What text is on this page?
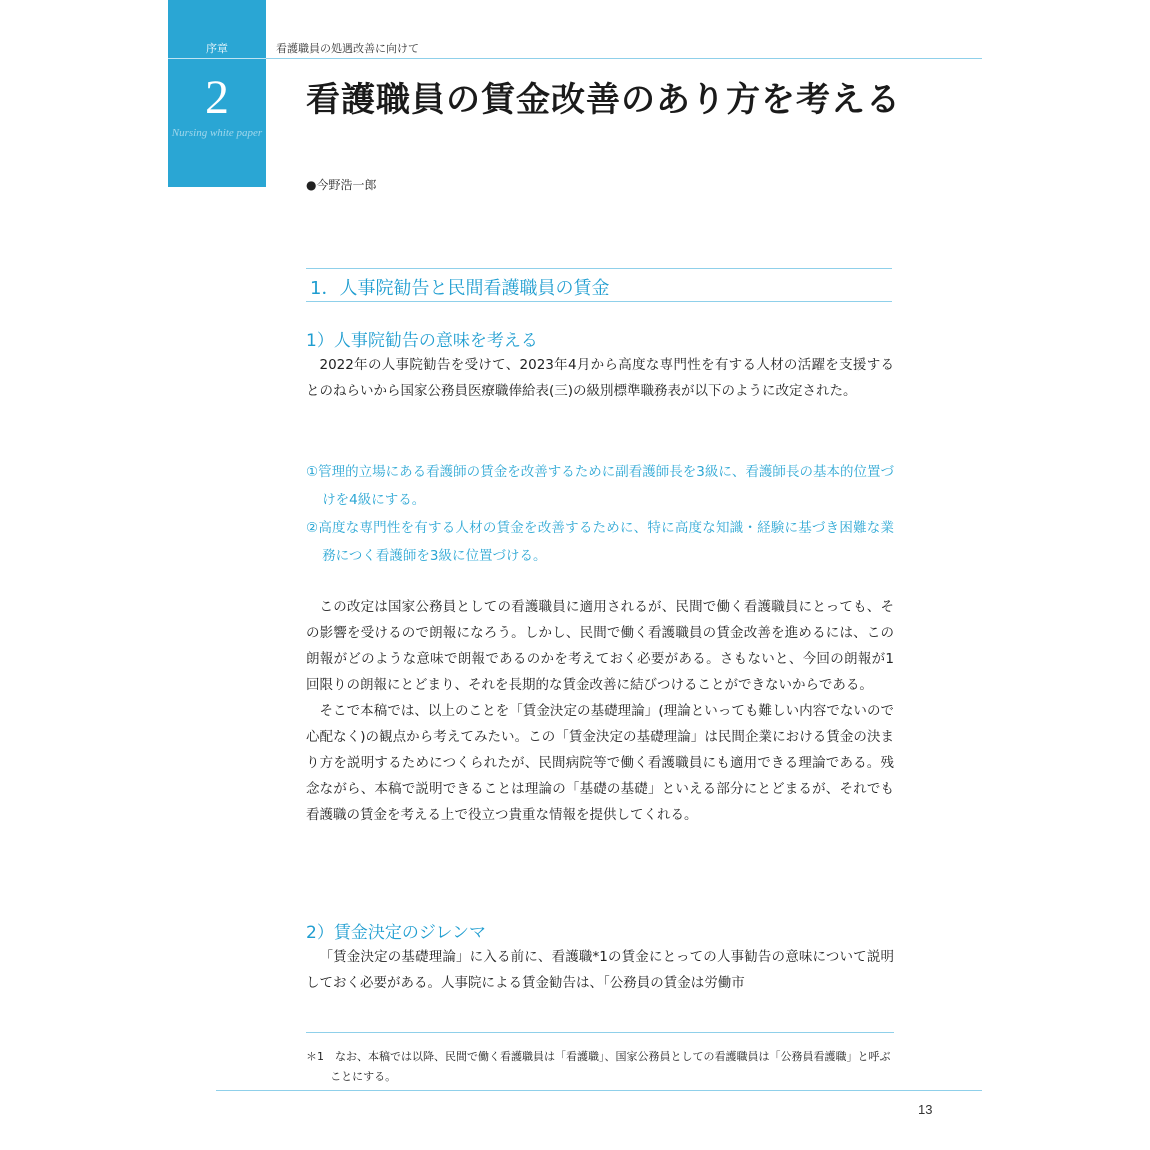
序章
2
Nursing white paper
看護職員の処遇改善に向けて
看護職員の賃金改善のあり方を考える
●今野浩一郎
1．人事院勧告と民間看護職員の賃金
1）人事院勧告の意味を考える

2022年の人事院勧告を受けて、2023年4月から高度な専門性を有する人材の活躍を支援するとのねらいから国家公務員医療職俸給表(三)の級別標準職務表が以下のように改定された。

①管理的立場にある看護師の賃金を改善するために副看護師長を3級に、看護師長の基本的位置づけを4級にする。

②高度な専門性を有する人材の賃金を改善するために、特に高度な知識・経験に基づき困難な業務につく看護師を3級に位置づける。

この改定は国家公務員としての看護職員に適用されるが、民間で働く看護職員にとっても、その影響を受けるので朗報になろう。しかし、民間で働く看護職員の賃金改善を進めるには、この朗報がどのような意味で朗報であるのかを考えておく必要がある。さもないと、今回の朗報が1回限りの朗報にとどまり、それを長期的な賃金改善に結びつけることができないからである。

そこで本稿では、以上のことを「賃金決定の基礎理論」(理論といっても難しい内容でないので心配なく)の観点から考えてみたい。この「賃金決定の基礎理論」は民間企業における賃金の決まり方を説明するためにつくられたが、民間病院等で働く看護職員にも適用できる理論である。残念ながら、本稿で説明できることは理論の「基礎の基礎」といえる部分にとどまるが、それでも看護職の賃金を考える上で役立つ貴重な情報を提供してくれる。

2）賃金決定のジレンマ

「賃金決定の基礎理論」に入る前に、看護職*1の賃金にとっての人事勧告の意味について説明しておく必要がある。人事院による賃金勧告は、「公務員の賃金は労働市

＊1　なお、本稿では以降、民間で働く看護職員は「看護職」、国家公務員としての看護職員は「公務員看護職」と呼ぶことにする。

13
